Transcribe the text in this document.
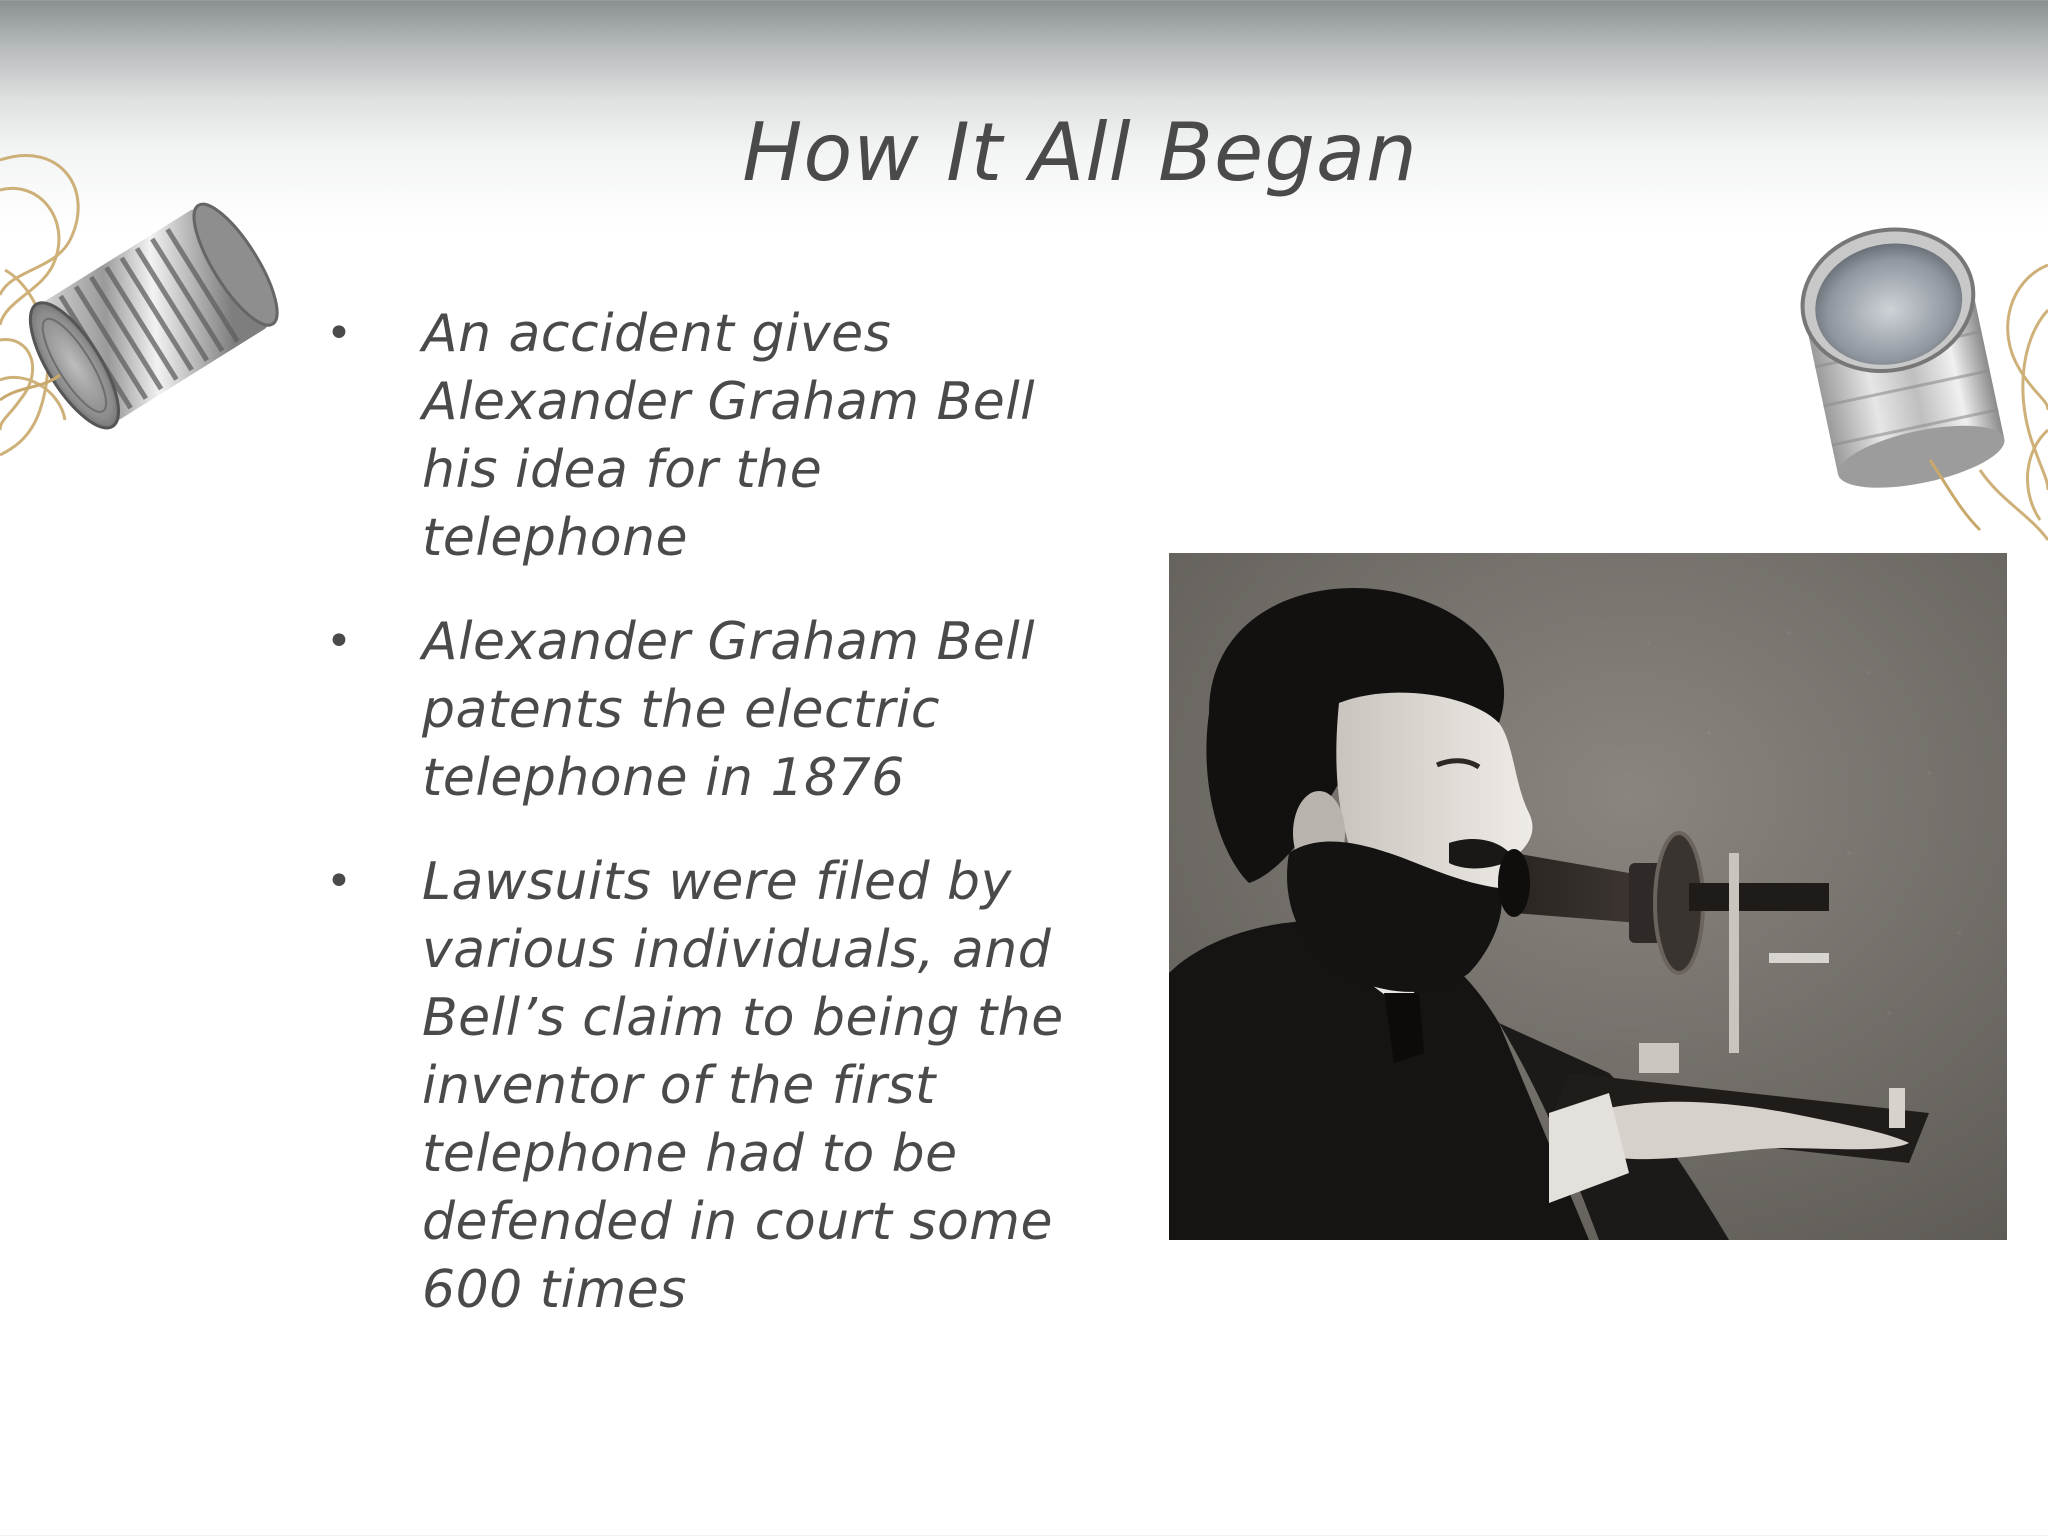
How It All Began
• An accident gives Alexander Graham Bell his idea for the telephone
• Alexander Graham Bell patents the electric telephone in 1876
• Lawsuits were filed by various individuals, and Bell’s claim to being the inventor of the first telephone had to be defended in court some 600 times
